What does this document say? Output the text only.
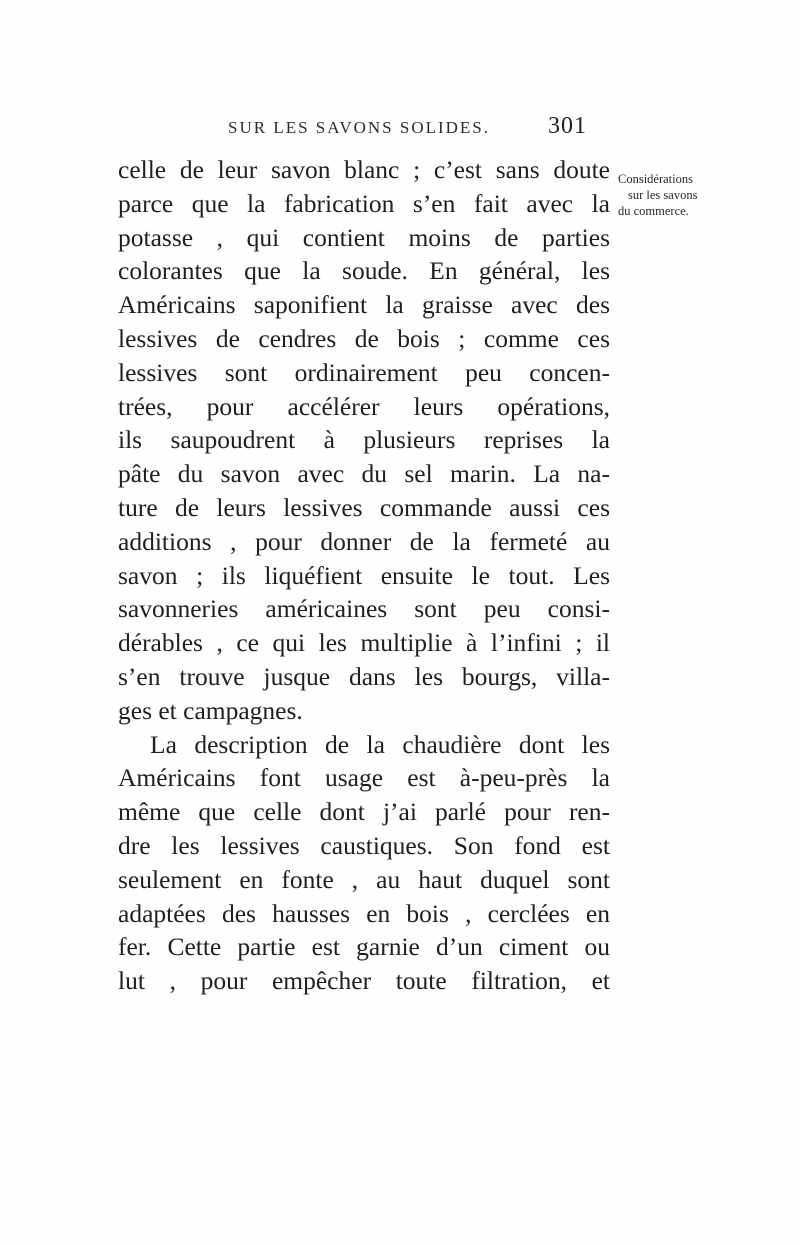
SUR LES SAVONS SOLIDES. 301
Considérations
sur les savons
du commerce.
celle de leur savon blanc ; c’est sans doute
parce que la fabrication s’en fait avec la
potasse , qui contient moins de parties
colorantes que la soude. En général, les
Américains saponifient la graisse avec des
lessives de cendres de bois ; comme ces
lessives sont ordinairement peu concen-
trées, pour accélérer leurs opérations,
ils saupoudrent à plusieurs reprises la
pâte du savon avec du sel marin. La na-
ture de leurs lessives commande aussi ces
additions , pour donner de la fermeté au
savon ; ils liquéfient ensuite le tout. Les
savonneries américaines sont peu consi-
dérables , ce qui les multiplie à l’infini ; il
s’en trouve jusque dans les bourgs, villa-
ges et campagnes.
La description de la chaudière dont les
Américains font usage est à-peu-près la
même que celle dont j’ai parlé pour ren-
dre les lessives caustiques. Son fond est
seulement en fonte , au haut duquel sont
adaptées des hausses en bois , cerclées en
fer. Cette partie est garnie d’un ciment ou
lut , pour empêcher toute filtration, et
